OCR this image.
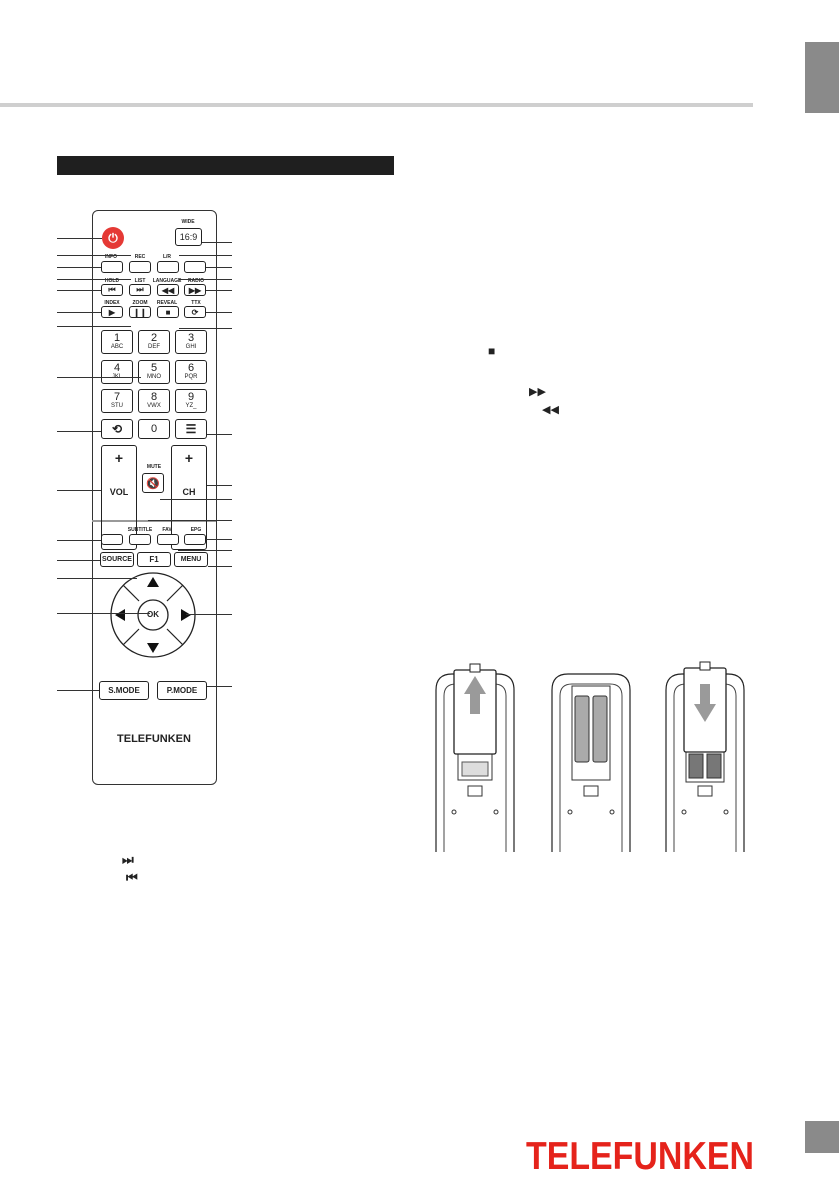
⏻
WIDE
16:9
REC	L/R
INFO
HOLD	LIST	LANGUAGE	RADIO
⏮	⏭ ◀◀ ▶▶
INDEX	ZOOM	REVEAL	TTX
▶ ❙❙ ■	⟳
1
ABC
2
DEF
3
GHI
4
JKL
5
MNO
6
PQR
7
STU
8
VWX
9
YZ_
⟲	0	☰
+
VOL
+
CH
MUTE
🔇
SUBTITLE	FAV	EPG
SOURCE	F1	MENU
OK
S.MODE	P.MODE
TELEFUNKEN
■
▶▶
◀◀
⏭
⏮
TELEFUNKEN
